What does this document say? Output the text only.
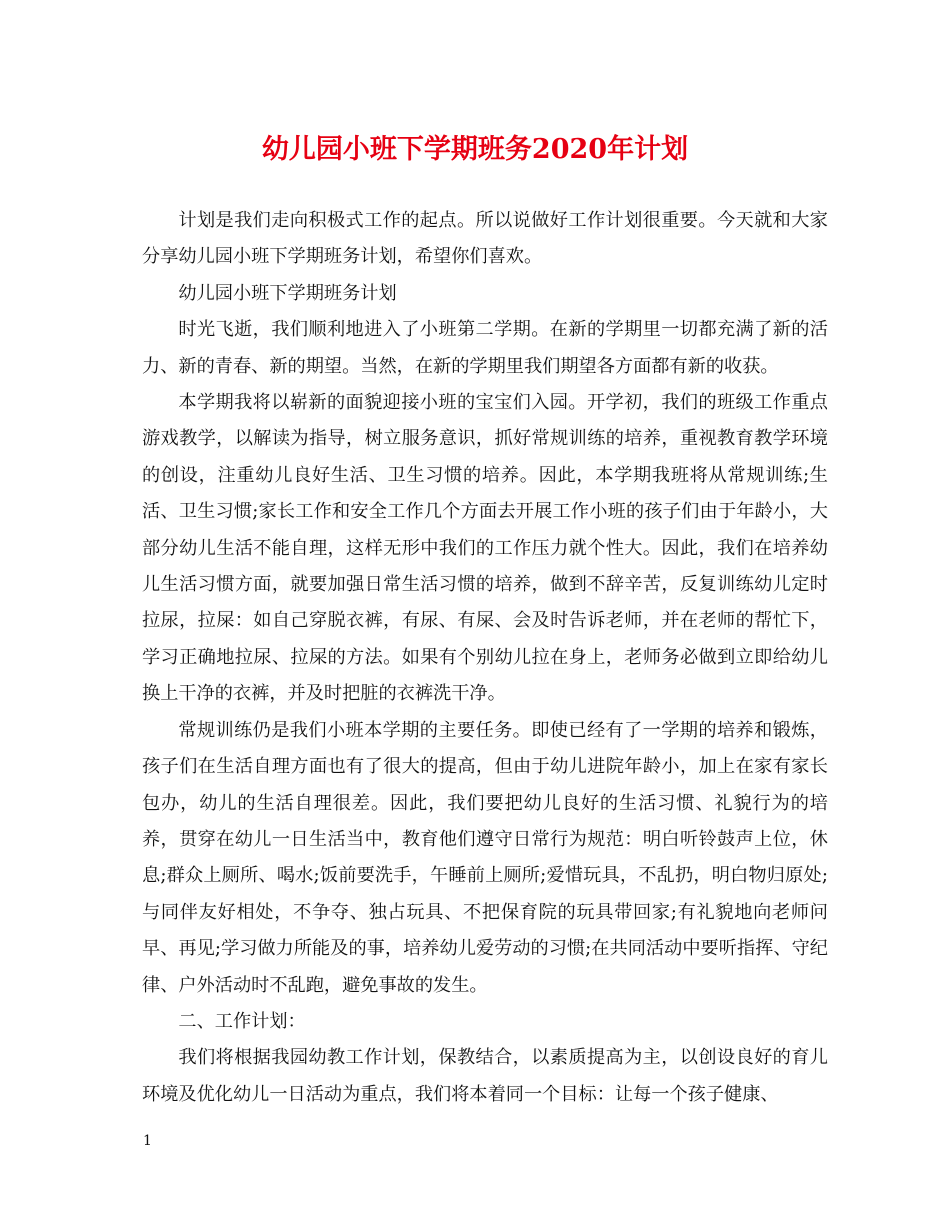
幼儿园小班下学期班务2020年计划

计划是我们走向积极式工作的起点。所以说做好工作计划很重要。今天就和大家分享幼儿园小班下学期班务计划，希望你们喜欢。

幼儿园小班下学期班务计划

时光飞逝，我们顺利地进入了小班第二学期。在新的学期里一切都充满了新的活力、新的青春、新的期望。当然，在新的学期里我们期望各方面都有新的收获。

本学期我将以崭新的面貌迎接小班的宝宝们入园。开学初，我们的班级工作重点游戏教学，以解读为指导，树立服务意识，抓好常规训练的培养，重视教育教学环境的创设，注重幼儿良好生活、卫生习惯的培养。因此，本学期我班将从常规训练;生活、卫生习惯;家长工作和安全工作几个方面去开展工作小班的孩子们由于年龄小，大部分幼儿生活不能自理，这样无形中我们的工作压力就个性大。因此，我们在培养幼儿生活习惯方面，就要加强日常生活习惯的培养，做到不辞辛苦，反复训练幼儿定时拉尿，拉屎：如自己穿脱衣裤，有尿、有屎、会及时告诉老师，并在老师的帮忙下，学习正确地拉尿、拉屎的方法。如果有个别幼儿拉在身上，老师务必做到立即给幼儿换上干净的衣裤，并及时把脏的衣裤洗干净。

常规训练仍是我们小班本学期的主要任务。即使已经有了一学期的培养和锻炼，孩子们在生活自理方面也有了很大的提高，但由于幼儿进院年龄小，加上在家有家长包办，幼儿的生活自理很差。因此，我们要把幼儿良好的生活习惯、礼貌行为的培养，贯穿在幼儿一日生活当中，教育他们遵守日常行为规范：明白听铃鼓声上位，休息;群众上厕所、喝水;饭前要洗手，午睡前上厕所;爱惜玩具，不乱扔，明白物归原处;与同伴友好相处，不争夺、独占玩具、不把保育院的玩具带回家;有礼貌地向老师问早、再见;学习做力所能及的事，培养幼儿爱劳动的习惯;在共同活动中要听指挥、守纪律、户外活动时不乱跑，避免事故的发生。

二、工作计划：

我们将根据我园幼教工作计划，保教结合，以素质提高为主，以创设良好的育儿环境及优化幼儿一日活动为重点，我们将本着同一个目标：让每一个孩子健康、

1
